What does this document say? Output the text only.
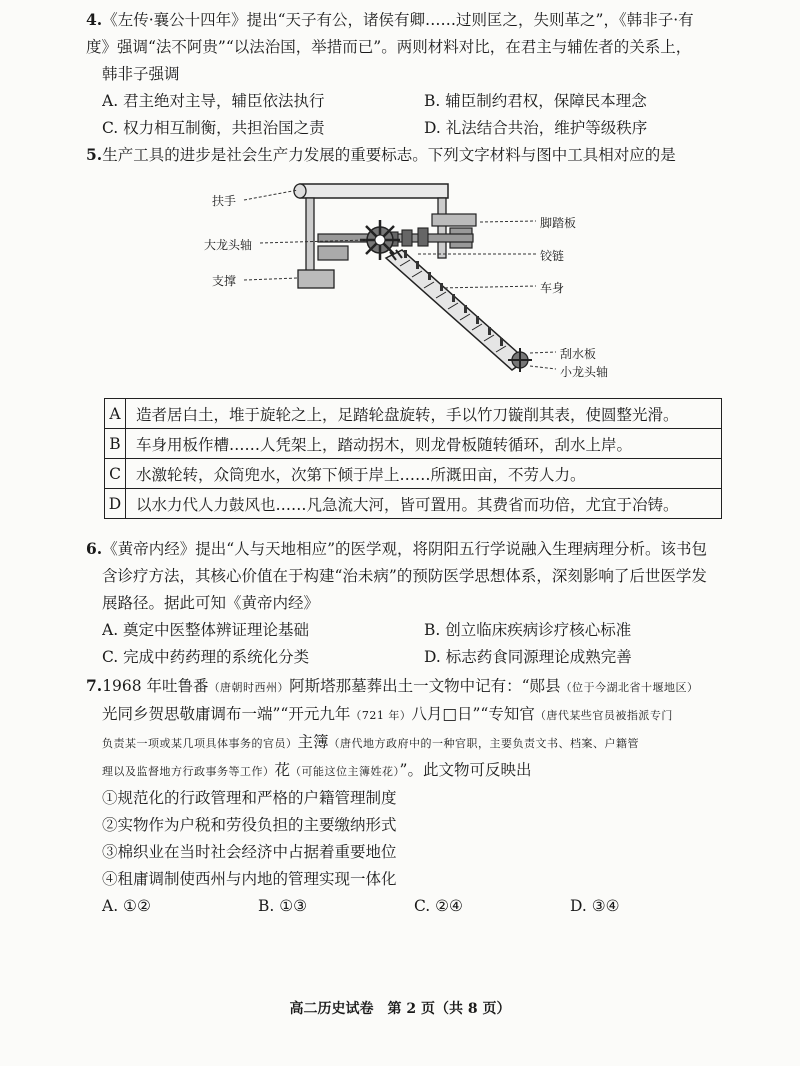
4.《左传·襄公十四年》提出“天子有公，诸侯有卿……过则匡之，失则革之”，《韩非子·有

度》强调“法不阿贵”“以法治国，举措而已”。两则材料对比，在君主与辅佐者的关系上，

韩非子强调

A. 君主绝对主导，辅臣依法执行	B. 辅臣制约君权，保障民本理念
C. 权力相互制衡，共担治国之责	D. 礼法结合共治，维护等级秩序

5.生产工具的进步是社会生产力发展的重要标志。下列文字材料与图中工具相对应的是

扶手
大龙头轴
支撑
脚踏板
铰链
车身
刮水板
小龙头轴
A	造者居白土，堆于旋轮之上，足踏轮盘旋转，手以竹刀镟削其表，使圆整光滑。
B	车身用板作槽……人凭架上，踏动拐木，则龙骨板随转循环，刮水上岸。
C	水激轮转，众筒兜水，次第下倾于岸上……所溉田亩，不劳人力。
D	以水力代人力鼓风也……凡急流大河，皆可置用。其费省而功倍，尤宜于冶铸。

6.《黄帝内经》提出“人与天地相应”的医学观，将阴阳五行学说融入生理病理分析。该书包

含诊疗方法，其核心价值在于构建“治未病”的预防医学思想体系，深刻影响了后世医学发

展路径。据此可知《黄帝内经》

A. 奠定中医整体辨证理论基础	B. 创立临床疾病诊疗核心标准
C. 完成中药药理的系统化分类	D. 标志药食同源理论成熟完善

7.1968 年吐鲁番（唐朝时西州）阿斯塔那墓葬出土一文物中记有：“郧县（位于今湖北省十堰地区）

光同乡贺思敬庸调布一端”“开元九年（721 年）八月□日”“专知官（唐代某些官员被指派专门

负责某一项或某几项具体事务的官员）主簿（唐代地方政府中的一种官职，主要负责文书、档案、户籍管

理以及监督地方行政事务等工作）花（可能这位主簿姓花）”。此文物可反映出

①规范化的行政管理和严格的户籍管理制度

②实物作为户税和劳役负担的主要缴纳形式

③棉织业在当时社会经济中占据着重要地位

④租庸调制使西州与内地的管理实现一体化

A. ①②	B. ①③	C. ②④	D. ③④
高二历史试卷　第 2 页（共 8 页）
